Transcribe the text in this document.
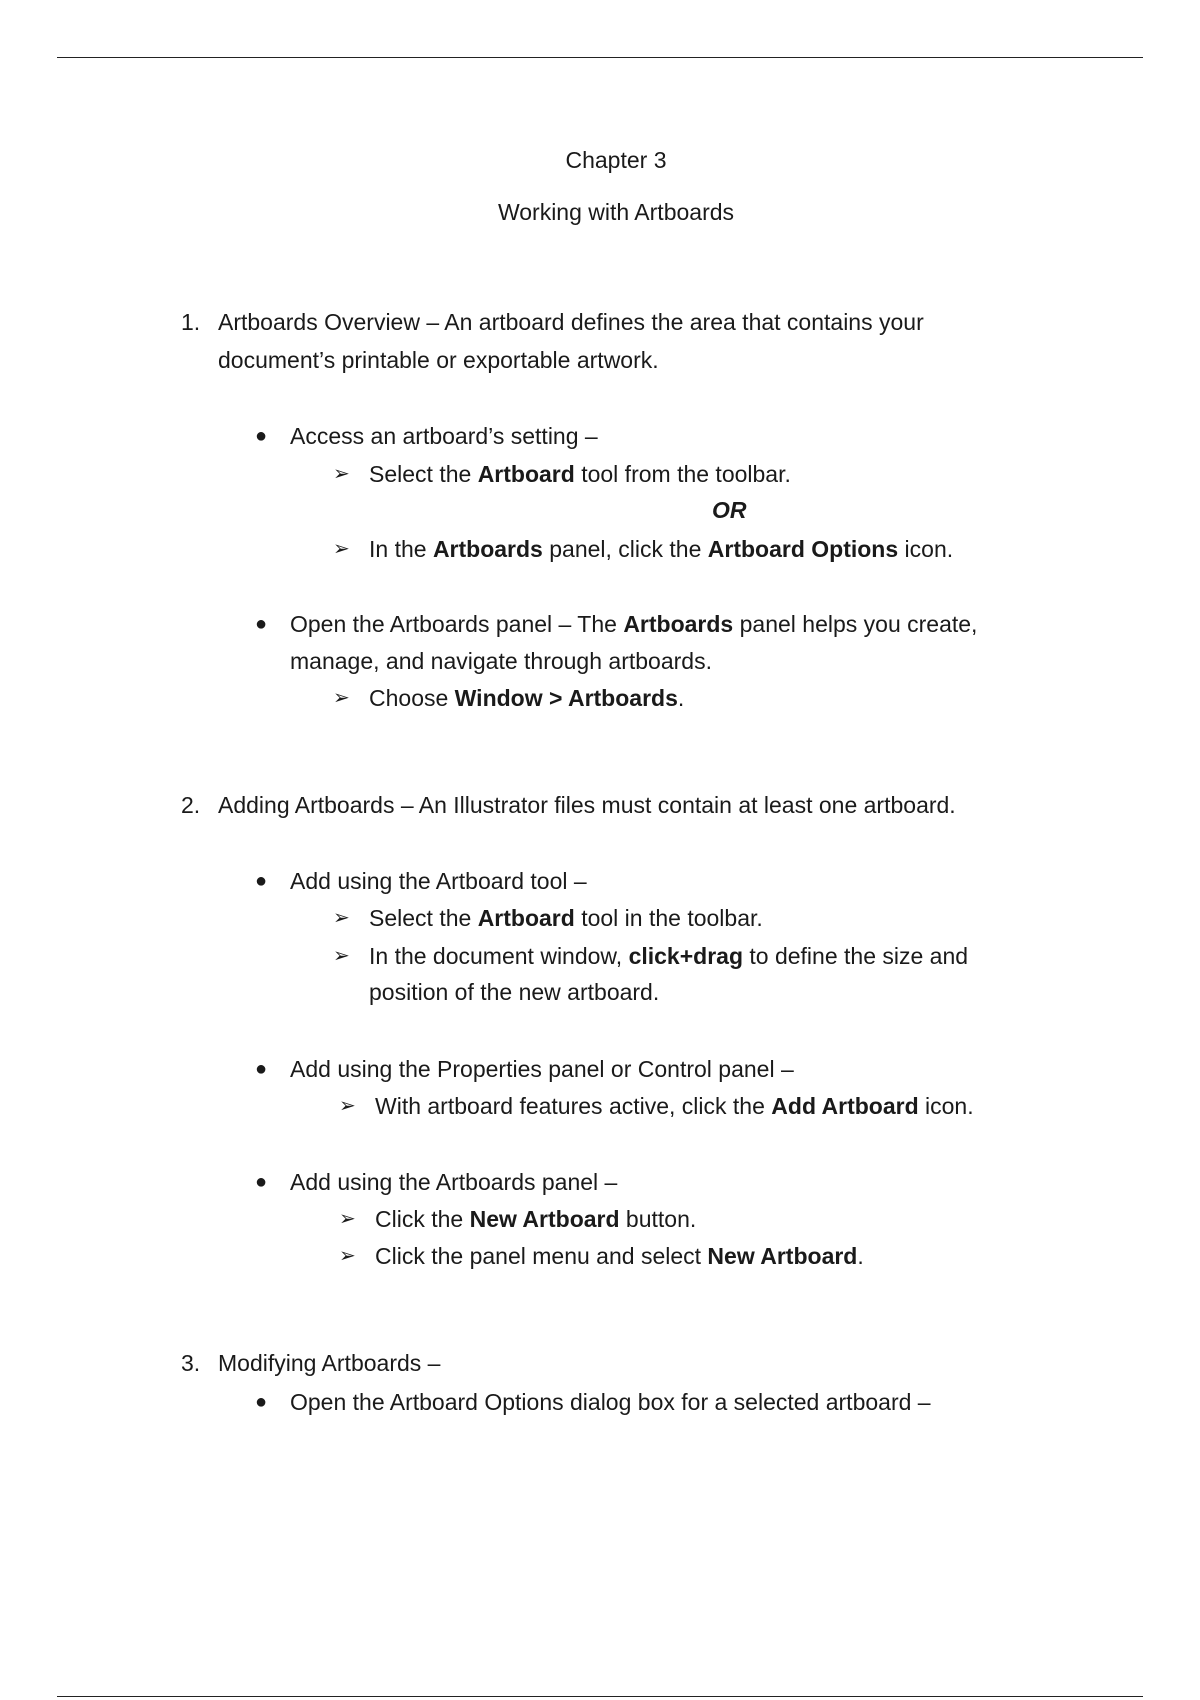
Chapter 3
Working with Artboards
1. Artboards Overview – An artboard defines the area that contains your
document’s printable or exportable artwork.
● Access an artboard’s setting –
➢ Select the Artboard tool from the toolbar.
OR
➢ In the Artboards panel, click the Artboard Options icon.
● Open the Artboards panel – The Artboards panel helps you create,
manage, and navigate through artboards.
➢ Choose Window > Artboards.
2. Adding Artboards – An Illustrator files must contain at least one artboard.
● Add using the Artboard tool –
➢ Select the Artboard tool in the toolbar.
➢ In the document window, click+drag to define the size and
position of the new artboard.
● Add using the Properties panel or Control panel –
➢ With artboard features active, click the Add Artboard icon.
● Add using the Artboards panel –
➢ Click the New Artboard button.
➢ Click the panel menu and select New Artboard.
3. Modifying Artboards –
● Open the Artboard Options dialog box for a selected artboard –
